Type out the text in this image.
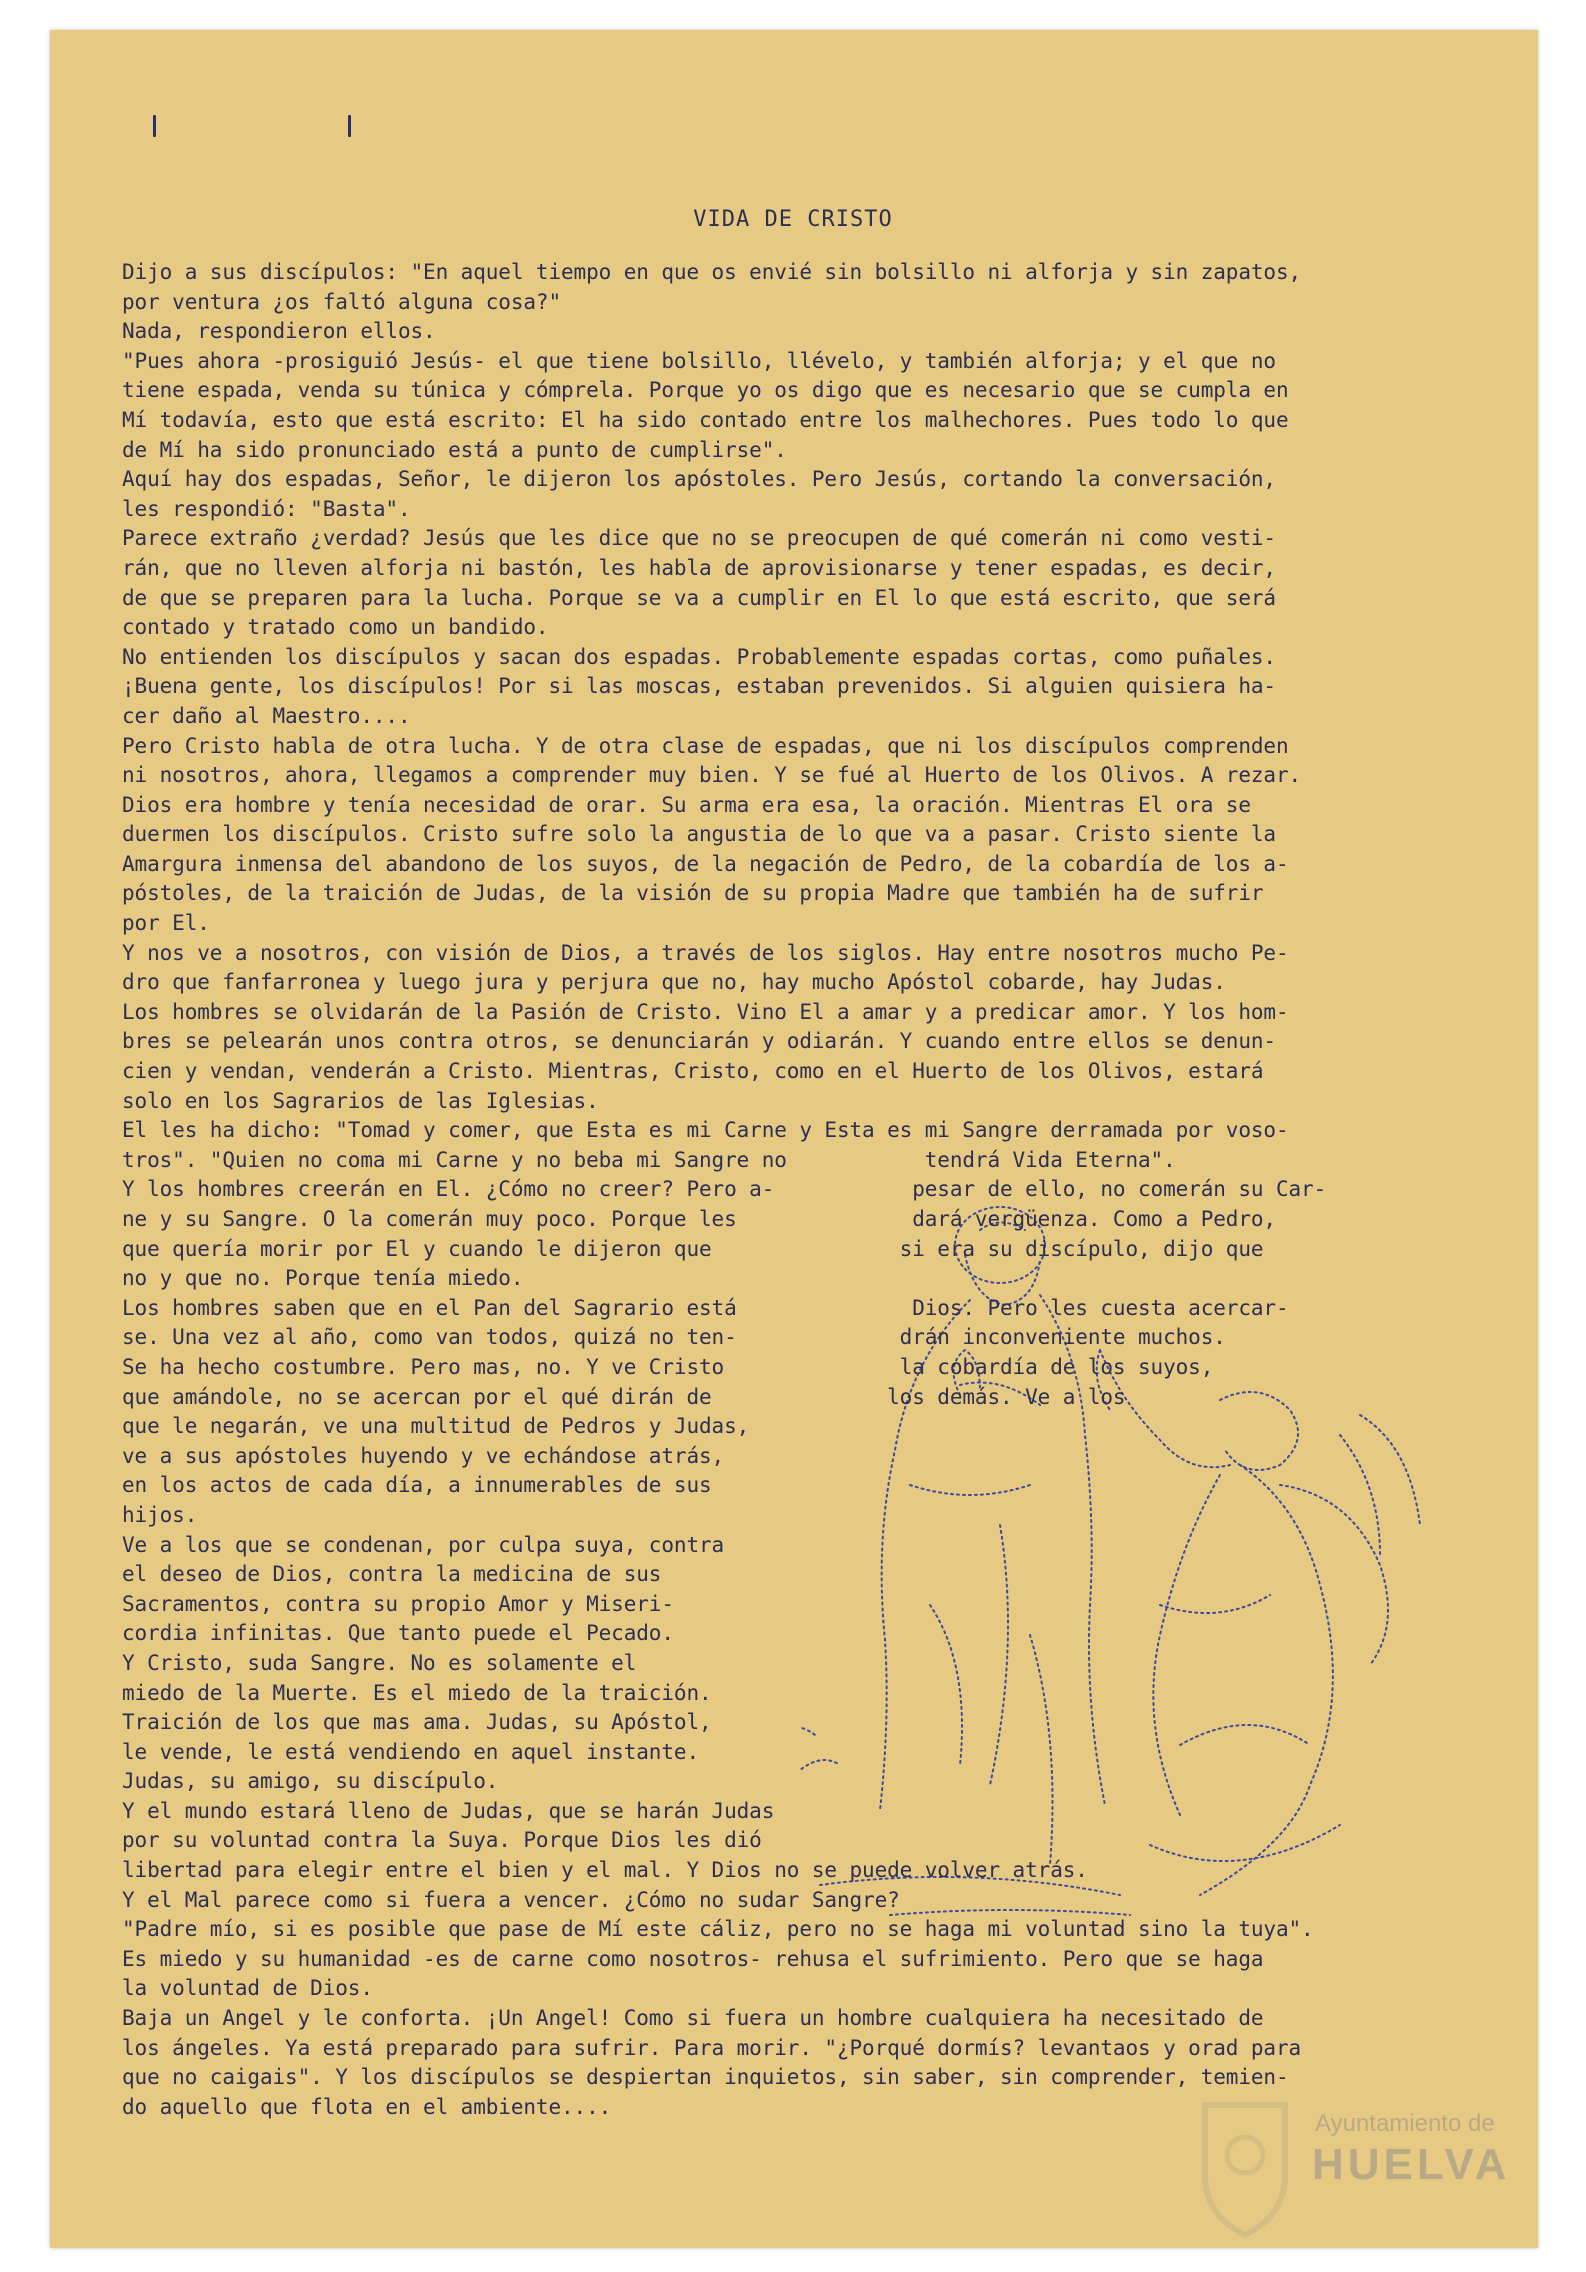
VIDA DE CRISTO
Dijo a sus discípulos: "En aquel tiempo en que os envié sin bolsillo ni alforja y sin zapatos,
por ventura ¿os faltó alguna cosa?"
Nada, respondieron ellos.
"Pues ahora -prosiguió Jesús- el que tiene bolsillo, llévelo, y también alforja; y el que no
tiene espada, venda su túnica y cómprela. Porque yo os digo que es necesario que se cumpla en
Mí todavía, esto que está escrito: El ha sido contado entre los malhechores. Pues todo lo que
de Mí ha sido pronunciado está a punto de cumplirse".
Aquí hay dos espadas, Señor, le dijeron los apóstoles. Pero Jesús, cortando la conversación,
les respondió: "Basta".
Parece extraño ¿verdad? Jesús que les dice que no se preocupen de qué comerán ni como vesti-
rán, que no lleven alforja ni bastón, les habla de aprovisionarse y tener espadas, es decir,
de que se preparen para la lucha. Porque se va a cumplir en El lo que está escrito, que será
contado y tratado como un bandido.
No entienden los discípulos y sacan dos espadas. Probablemente espadas cortas, como puñales.
¡Buena gente, los discípulos! Por si las moscas, estaban prevenidos. Si alguien quisiera ha-
cer daño al Maestro....
Pero Cristo habla de otra lucha. Y de otra clase de espadas, que ni los discípulos comprenden
ni nosotros, ahora, llegamos a comprender muy bien. Y se fué al Huerto de los Olivos. A rezar.
Dios era hombre y tenía necesidad de orar. Su arma era esa, la oración. Mientras El ora se
duermen los discípulos. Cristo sufre solo la angustia de lo que va a pasar. Cristo siente la
Amargura inmensa del abandono de los suyos, de la negación de Pedro, de la cobardía de los a-
póstoles, de la traición de Judas, de la visión de su propia Madre que también ha de sufrir
por El.
Y nos ve a nosotros, con visión de Dios, a través de los siglos. Hay entre nosotros mucho Pe-
dro que fanfarronea y luego jura y perjura que no, hay mucho Apóstol cobarde, hay Judas.
Los hombres se olvidarán de la Pasión de Cristo. Vino El a amar y a predicar amor. Y los hom-
bres se pelearán unos contra otros, se denunciarán y odiarán. Y cuando entre ellos se denun-
cien y vendan, venderán a Cristo. Mientras, Cristo, como en el Huerto de los Olivos, estará
solo en los Sagrarios de las Iglesias.
El les ha dicho: "Tomad y comer, que Esta es mi Carne y Esta es mi Sangre derramada por voso-
tros". "Quien no coma mi Carne y no beba mi Sangre no           tendrá Vida Eterna".
Y los hombres creerán en El. ¿Cómo no creer? Pero a-           pesar de ello, no comerán su Car-
ne y su Sangre. O la comerán muy poco. Porque les              dará vergüenza. Como a Pedro,
que quería morir por El y cuando le dijeron que               si era su discípulo, dijo que
no y que no. Porque tenía miedo.
Los hombres saben que en el Pan del Sagrario está              Dios. Pero les cuesta acercar-
se. Una vez al año, como van todos, quizá no ten-             drán inconveniente muchos.
Se ha hecho costumbre. Pero mas, no. Y ve Cristo              la cobardía de los suyos,
que amándole, no se acercan por el qué dirán de              los demás. Ve a los
que le negarán, ve una multitud de Pedros y Judas,
ve a sus apóstoles huyendo y ve echándose atrás,
en los actos de cada día, a innumerables de sus
hijos.
Ve a los que se condenan, por culpa suya, contra
el deseo de Dios, contra la medicina de sus
Sacramentos, contra su propio Amor y Miseri-
cordia infinitas. Que tanto puede el Pecado.
Y Cristo, suda Sangre. No es solamente el
miedo de la Muerte. Es el miedo de la traición.
Traición de los que mas ama. Judas, su Apóstol,
le vende, le está vendiendo en aquel instante.
Judas, su amigo, su discípulo.
Y el mundo estará lleno de Judas, que se harán Judas
por su voluntad contra la Suya. Porque Dios les dió
libertad para elegir entre el bien y el mal. Y Dios no se puede volver atrás.
Y el Mal parece como si fuera a vencer. ¿Cómo no sudar Sangre?
"Padre mío, si es posible que pase de Mí este cáliz, pero no se haga mi voluntad sino la tuya".
Es miedo y su humanidad -es de carne como nosotros- rehusa el sufrimiento. Pero que se haga
la voluntad de Dios.
Baja un Angel y le conforta. ¡Un Angel! Como si fuera un hombre cualquiera ha necesitado de
los ángeles. Ya está preparado para sufrir. Para morir. "¿Porqué dormís? levantaos y orad para
que no caigais". Y los discípulos se despiertan inquietos, sin saber, sin comprender, temien-
do aquello que flota en el ambiente....
Ayuntamiento de
HUELVA
